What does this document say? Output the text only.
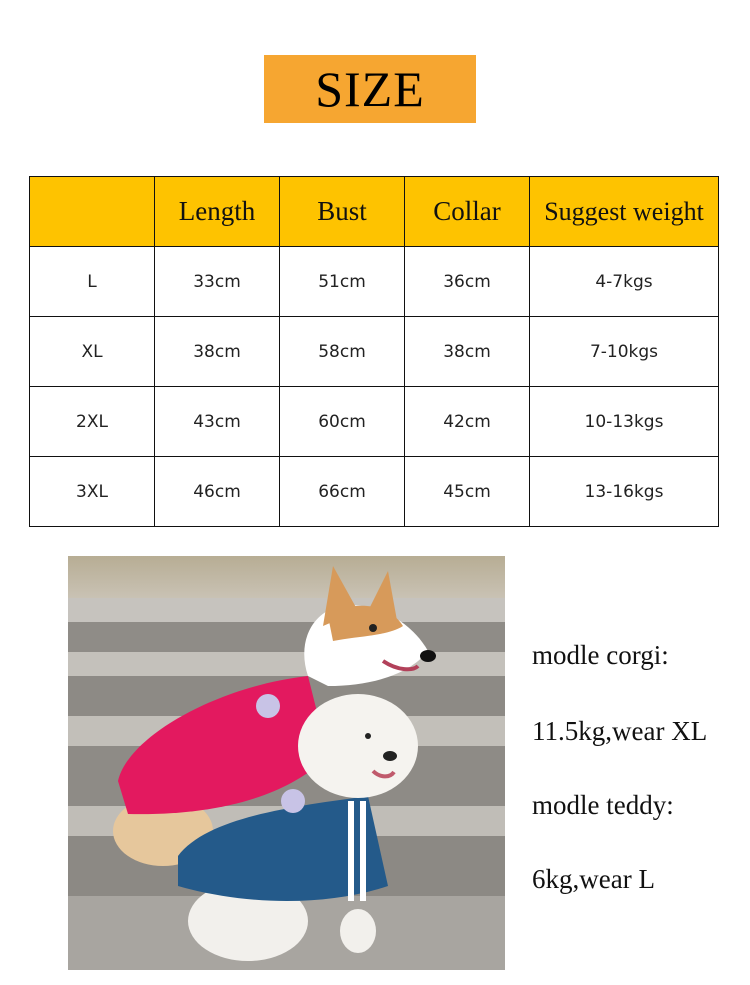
SIZE
	Length	Bust	Collar	Suggest weight
L	33cm	51cm	36cm	4-7kgs
XL	38cm	58cm	38cm	7-10kgs
2XL	43cm	60cm	42cm	10-13kgs
3XL	46cm	66cm	45cm	13-16kgs
modle corgi:
11.5kg,wear XL
modle teddy:
6kg,wear L
